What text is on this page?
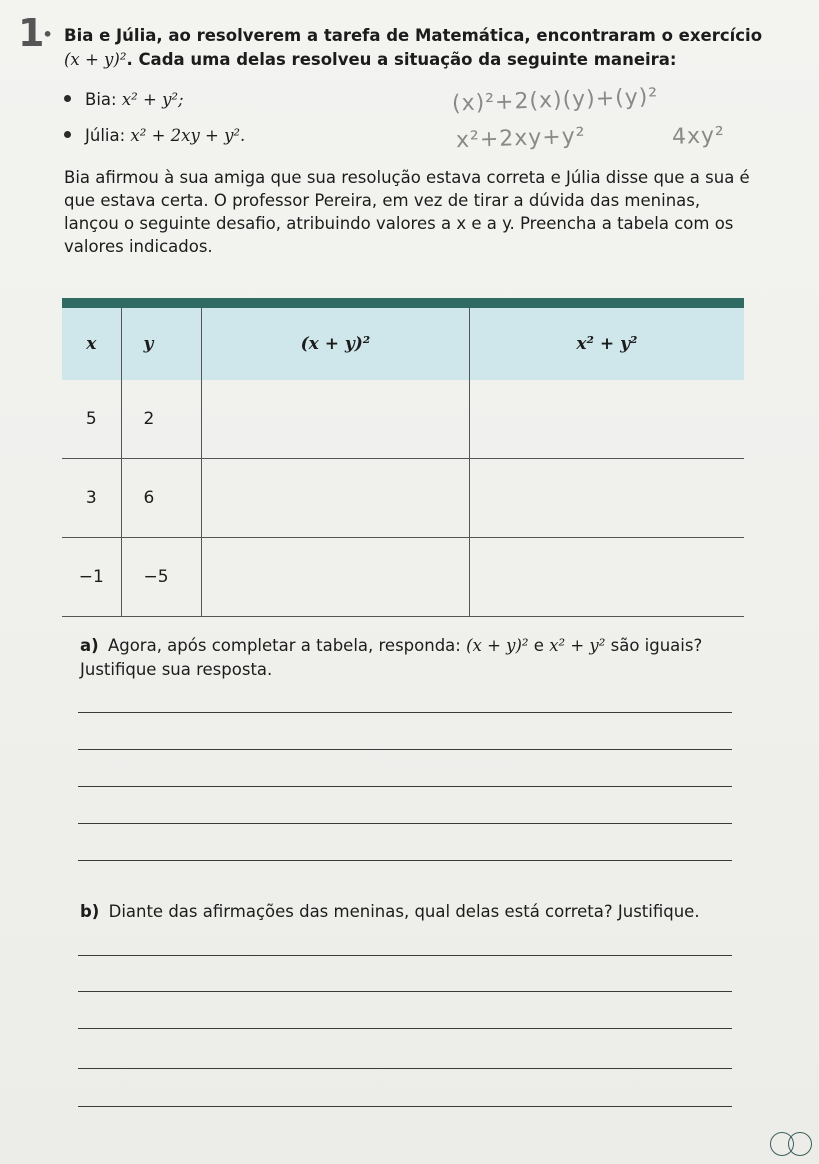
1• Bia e Júlia, ao resolverem a tarefa de Matemática, encontraram o exercício
(x + y)². Cada uma delas resolveu a situação da seguinte maneira:
Bia: x² + y²;
Júlia: x² + 2xy + y².
(x)²+2(x)(y)+(y)²
x²+2xy+y²	4xy²
Bia afirmou à sua amiga que sua resolução estava correta e Júlia disse que a sua é que estava certa. O professor Pereira, em vez de tirar a dúvida das meninas, lançou o seguinte desafio, atribuindo valores a x e a y. Preencha a tabela com os valores indicados.

x	y	(x + y)²	x² + y²
5	2		
3	6		
−1	−5		
a) Agora, após completar a tabela, responda: (x + y)² e x² + y² são iguais?
Justifique sua resposta.
b) Diante das afirmações das meninas, qual delas está correta? Justifique.
